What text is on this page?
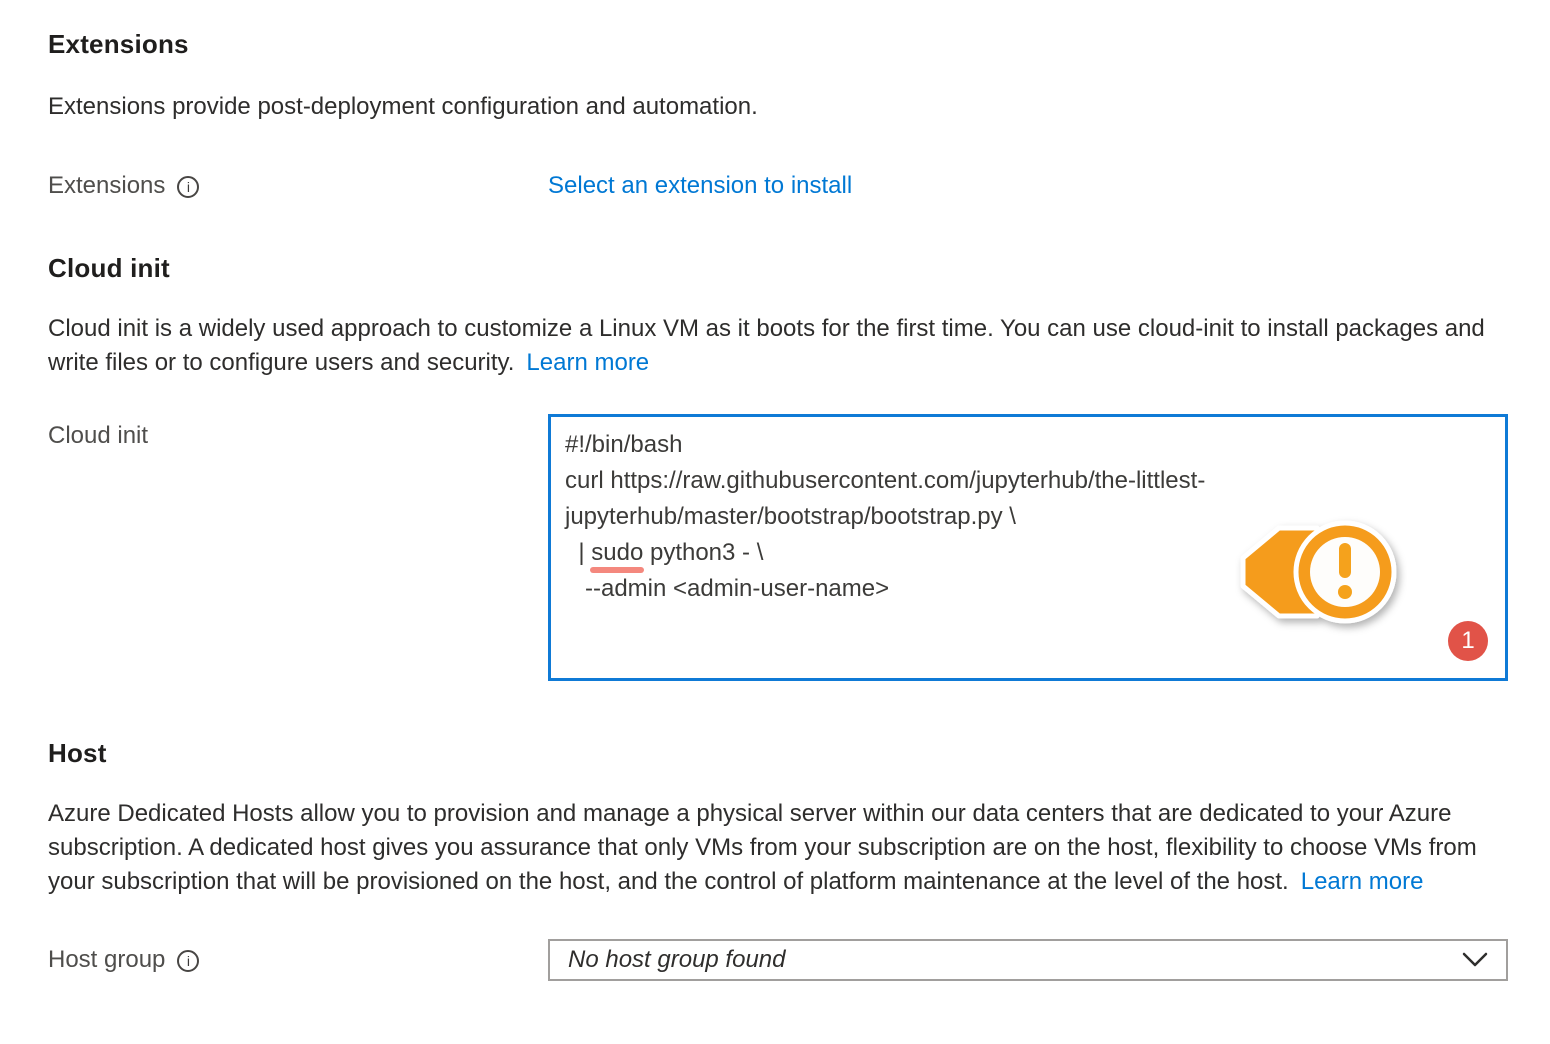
Extensions

Extensions provide post-deployment configuration and automation.

Extensions	i	Select an extension to install
Cloud init

Cloud init is a widely used approach to customize a Linux VM as it boots for the first time. You can use cloud-init to install packages and write files or to configure users and security. Learn more

Cloud init	#!/bin/bash
curl https://raw.githubusercontent.com/jupyterhub/the-littlest-
jupyterhub/master/bootstrap/bootstrap.py \
| sudo python3 - \
--admin <admin-user-name>
1
Host

Azure Dedicated Hosts allow you to provision and manage a physical server within our data centers that are dedicated to your Azure subscription. A dedicated host gives you assurance that only VMs from your subscription are on the host, flexibility to choose VMs from your subscription that will be provisioned on the host, and the control of platform maintenance at the level of the host. Learn more

Host group	i	No host group found
